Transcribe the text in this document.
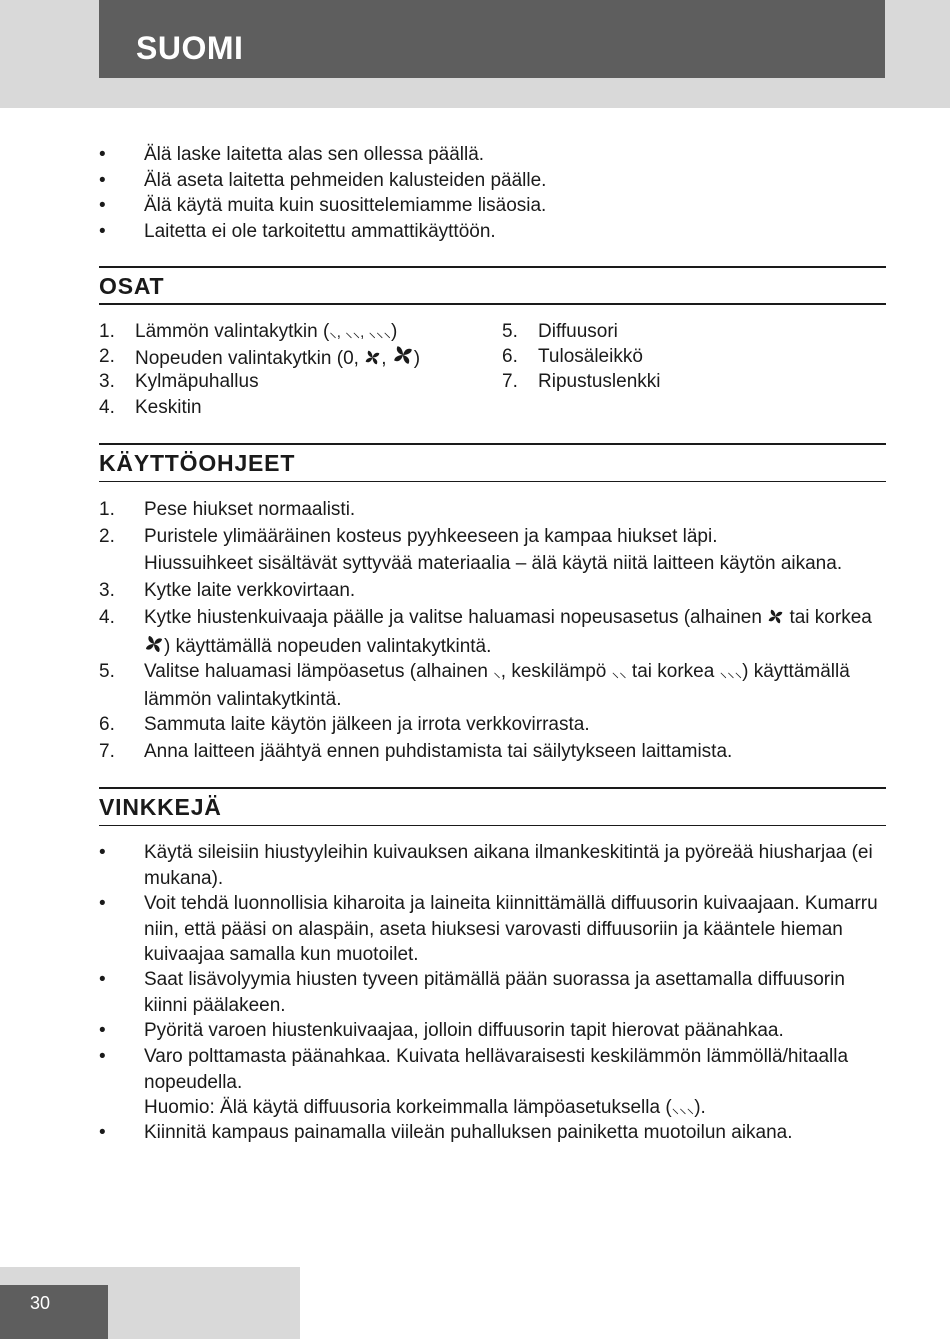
SUOMI
• Älä laske laitetta alas sen ollessa päällä.
• Älä aseta laitetta pehmeiden kalusteiden päälle.
• Älä käytä muita kuin suosittelemiamme lisäosia.
• Laitetta ei ole tarkoitettu ammattikäyttöön.
OSAT
1. Lämmön valintakytkin (⸜, ⸜⸜, ⸜⸜⸜)
2. Nopeuden valintakytkin (0, , )
3. Kylmäpuhallus
4. Keskitin
5. Diffuusori
6. Tulosäleikkö
7. Ripustuslenkki
KÄYTTÖOHJEET
1. Pese hiukset normaalisti.
2. Puristele ylimääräinen kosteus pyyhkeeseen ja kampaa hiukset läpi.
Hiussuihkeet sisältävät syttyvää materiaalia – älä käytä niitä laitteen käytön aikana.
3. Kytke laite verkkovirtaan.
4. Kytke hiustenkuivaaja päälle ja valitse haluamasi nopeusasetus (alhainen  tai korkea
) käyttämällä nopeuden valintakytkintä.
5. Valitse haluamasi lämpöasetus (alhainen ⸜, keskilämpö ⸜⸜ tai korkea ⸜⸜⸜) käyttämällä
lämmön valintakytkintä.
6. Sammuta laite käytön jälkeen ja irrota verkkovirrasta.
7. Anna laitteen jäähtyä ennen puhdistamista tai säilytykseen laittamista.
VINKKEJÄ
• Käytä sileisiin hiustyyleihin kuivauksen aikana ilmankeskitintä ja pyöreää hiusharjaa (ei mukana).
• Voit tehdä luonnollisia kiharoita ja laineita kiinnittämällä diffuusorin kuivaajaan. Kumarru niin, että pääsi on alaspäin, aseta hiuksesi varovasti diffuusoriin ja kääntele hieman kuivaajaa samalla kun muotoilet.
• Saat lisävolyymia hiusten tyveen pitämällä pään suorassa ja asettamalla diffuusorin kiinni päälakeen.
• Pyöritä varoen hiustenkuivaajaa, jolloin diffuusorin tapit hierovat päänahkaa.
• Varo polttamasta päänahkaa. Kuivata hellävaraisesti keskilämmön lämmöllä/hitaalla nopeudella.
Huomio: Älä käytä diffuusoria korkeimmalla lämpöasetuksella (⸜⸜⸜).
• Kiinnitä kampaus painamalla viileän puhalluksen painiketta muotoilun aikana.
30
